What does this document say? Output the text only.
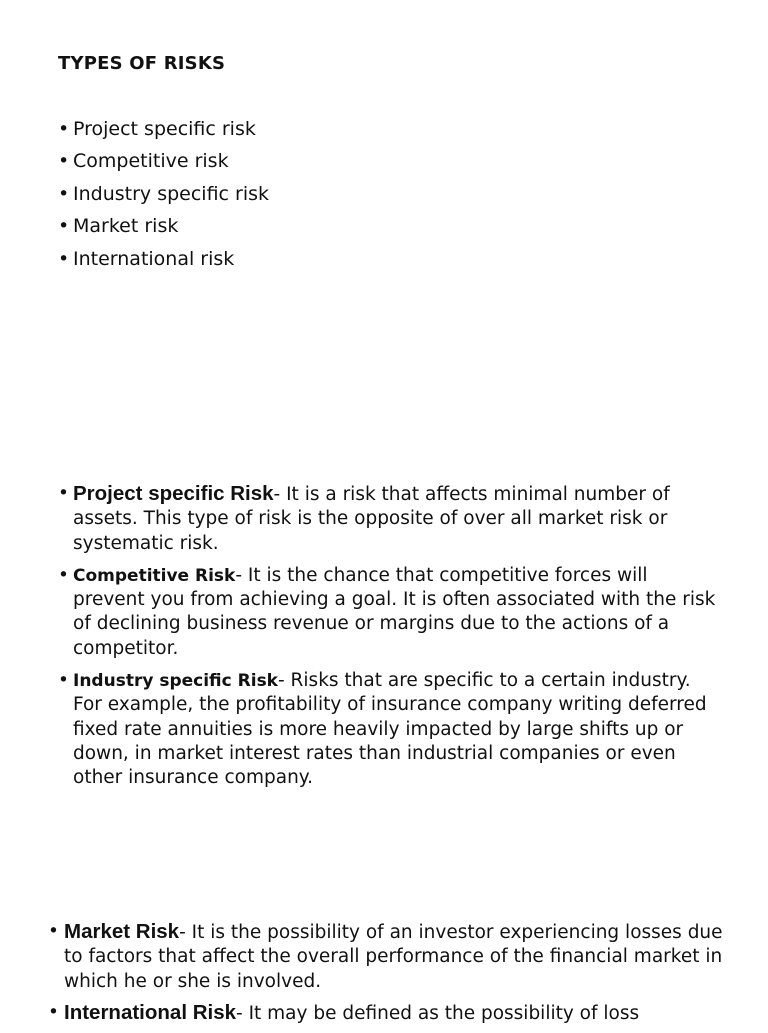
TYPES OF RISKS
• Project specific risk
• Competitive risk
• Industry specific risk
• Market risk
• International risk
• Project specific Risk- It is a risk that affects minimal number of assets. This type of risk is the opposite of over all market risk or systematic risk.
• Competitive Risk- It is the chance that competitive forces will prevent you from achieving a goal. It is often associated with the risk of declining business revenue or margins due to the actions of a competitor.
• Industry specific Risk- Risks that are specific to a certain industry. For example, the profitability of insurance company writing deferred fixed rate annuities is more heavily impacted by large shifts up or down, in market interest rates than industrial companies or even other insurance company.
• Market Risk- It is the possibility of an investor experiencing losses due to factors that affect the overall performance of the financial market in which he or she is involved.
• International Risk- It may be defined as the possibility of loss
